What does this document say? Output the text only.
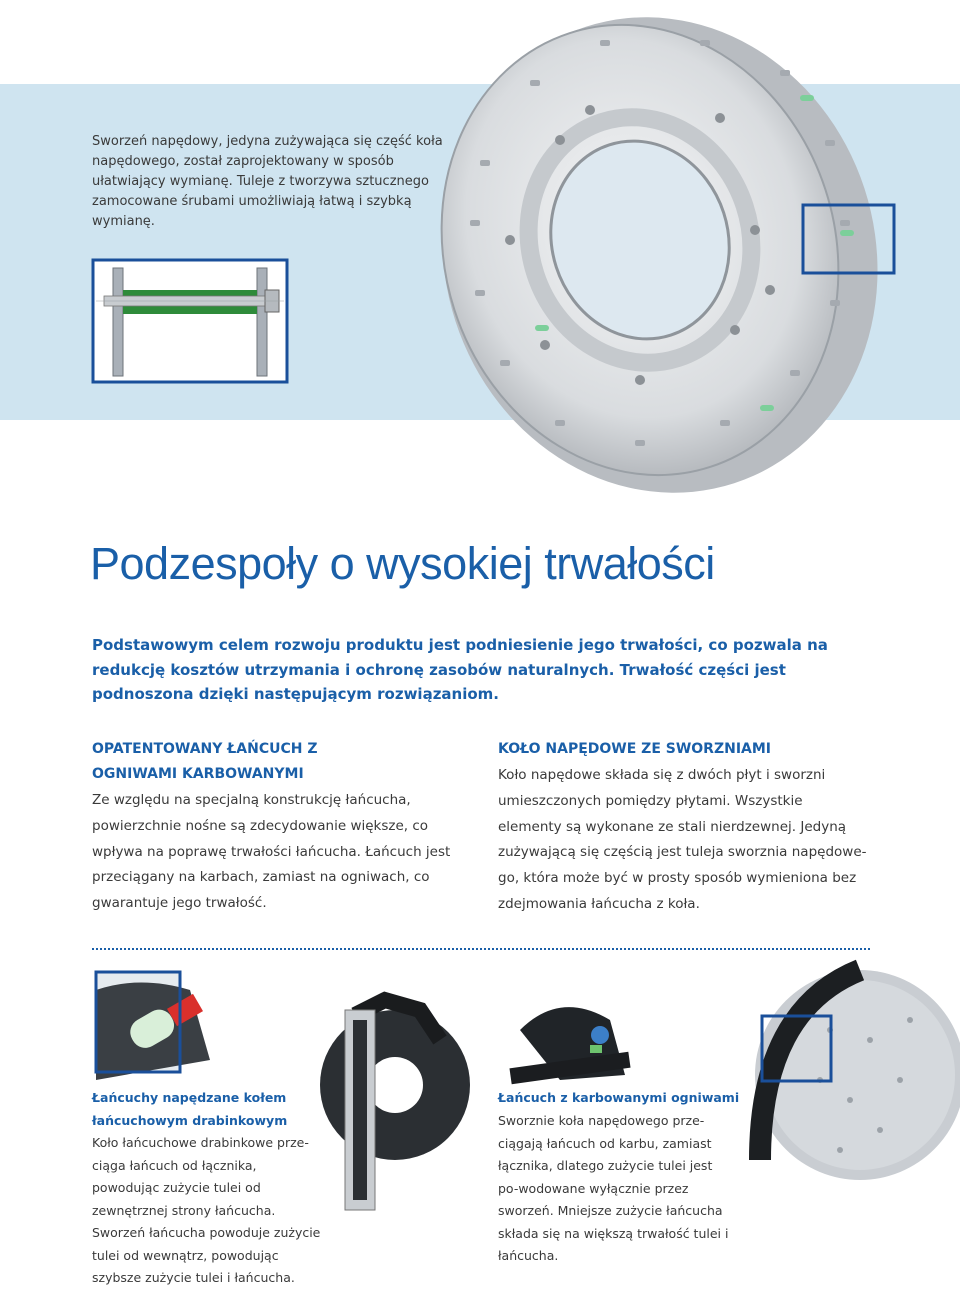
Sworzeń napędowy, jedyna zużywająca się część koła napędowego, został zaprojektowany w sposób ułatwiający wymianę. Tuleje z tworzywa sztucznego zamocowane śrubami umożliwiają łatwą i szybką wymianę.
Podzespoły o wysokiej trwałości
Podstawowym celem rozwoju produktu jest podniesienie jego trwałości, co pozwala na redukcję kosztów utrzymania i ochronę zasobów naturalnych. Trwałość części jest podnoszona dzięki następującym rozwiązaniom.
OPATENTOWANY ŁAŃCUCH Z
OGNIWAMI KARBOWANYMI
Ze względu na specjalną konstrukcję łańcucha, powierzchnie nośne są zdecydowanie większe, co wpływa na poprawę trwałości łańcucha. Łańcuch jest przeciągany na karbach, zamiast na ogniwach, co gwarantuje jego trwałość.
KOŁO NAPĘDOWE ZE SWORZNIAMI
Koło napędowe składa się z dwóch płyt i sworzni umieszczonych pomiędzy płytami. Wszystkie elementy są wykonane ze stali nierdzewnej. Jedyną zużywającą się częścią jest tuleja sworznia napędowe-go, która może być w prosty sposób wymieniona bez zdejmowania łańcucha z koła.
Łańcuchy napędzane kołem
łańcuchowym drabinkowym
Koło łańcuchowe drabinkowe prze-ciąga łańcuch od łącznika, powodując zużycie tulei od zewnętrznej strony łańcucha. Sworzeń łańcucha powoduje zużycie tulei od wewnątrz, powodując szybsze zużycie tulei i łańcucha.
Łańcuch z karbowanymi ogniwami
Sworznie koła napędowego prze-ciągają łańcuch od karbu, zamiast łącznika, dlatego zużycie tulei jest po-wodowane wyłącznie przez sworzeń. Mniejsze zużycie łańcucha składa się na większą trwałość tulei i łańcucha.
